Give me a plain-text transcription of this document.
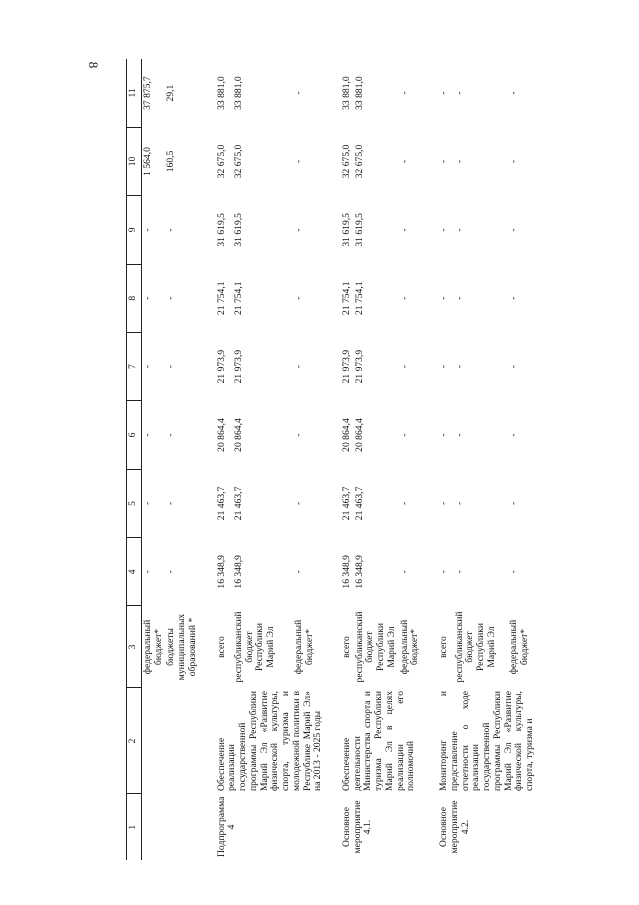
8
1	2	3	4	5	6	7	8	9	10	11
		федеральный бюджет*	-	-	-	-	-	-	1 564,0	37 875,7
		бюджеты муниципальных образований *	-	-	-	-	-	-	160,5	29,1

Подпрограмма 4	Обеспечение реализации государственной программы Республики Марий Эл «Развитие физической культуры, спорта, туризма и молодежной политики в Республике Марий Эл» на 2013 - 2025 годы	всего	16 348,9	21 463,7	20 864,4	21 973,9	21 754,1	31 619,5	32 675,0	33 881,0
		республиканский бюджет Республики Марий Эл	16 348,9	21 463,7	20 864,4	21 973,9	21 754,1	31 619,5	32 675,0	33 881,0
		федеральный бюджет*	-	-	-	-	-	-	-	-

Основное мероприятие 4.1.	Обеспечение деятельности Министерства спорта и туризма Республики Марий Эл в целях реализации его полномочий	всего	16 348,9	21 463,7	20 864,4	21 973,9	21 754,1	31 619,5	32 675,0	33 881,0
		республиканский бюджет Республики Марий Эл	16 348,9	21 463,7	20 864,4	21 973,9	21 754,1	31 619,5	32 675,0	33 881,0
		федеральный бюджет*	-	-	-	-	-	-	-	-

Основное мероприятие 4.2.	Мониторинг и представление отчетности о ходе реализации государственной программы Республики Марий Эл «Развитие физической культуры, спорта, туризма и	всего	-	-	-	-	-	-	-	-
		республиканский бюджет Республики Марий Эл	-	-	-	-	-	-	-	-
		федеральный бюджет*	-	-	-	-	-	-	-	-
